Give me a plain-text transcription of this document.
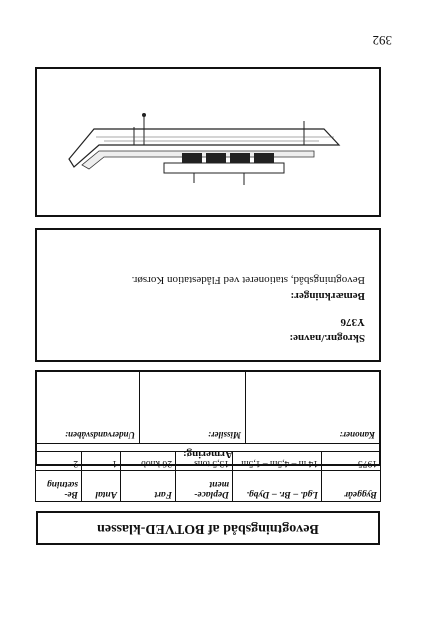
392
Bevogtningsbåd af BOTVED-klassen
Byggeår	Lgd. – Br. – Dybg.	Deplace-ment	Fart	Antal	Be-sætning
1975	14 m – 4,5m – 1,5m	13,5 tons	26 knob	1	2
Armering:
Kanoner:
Missiler:
Undervandsvåben:
Skrognr./navne:
Y376
Bemærkninger:
Bevogtningsbåd, stationeret ved Flådestation Korsør.
